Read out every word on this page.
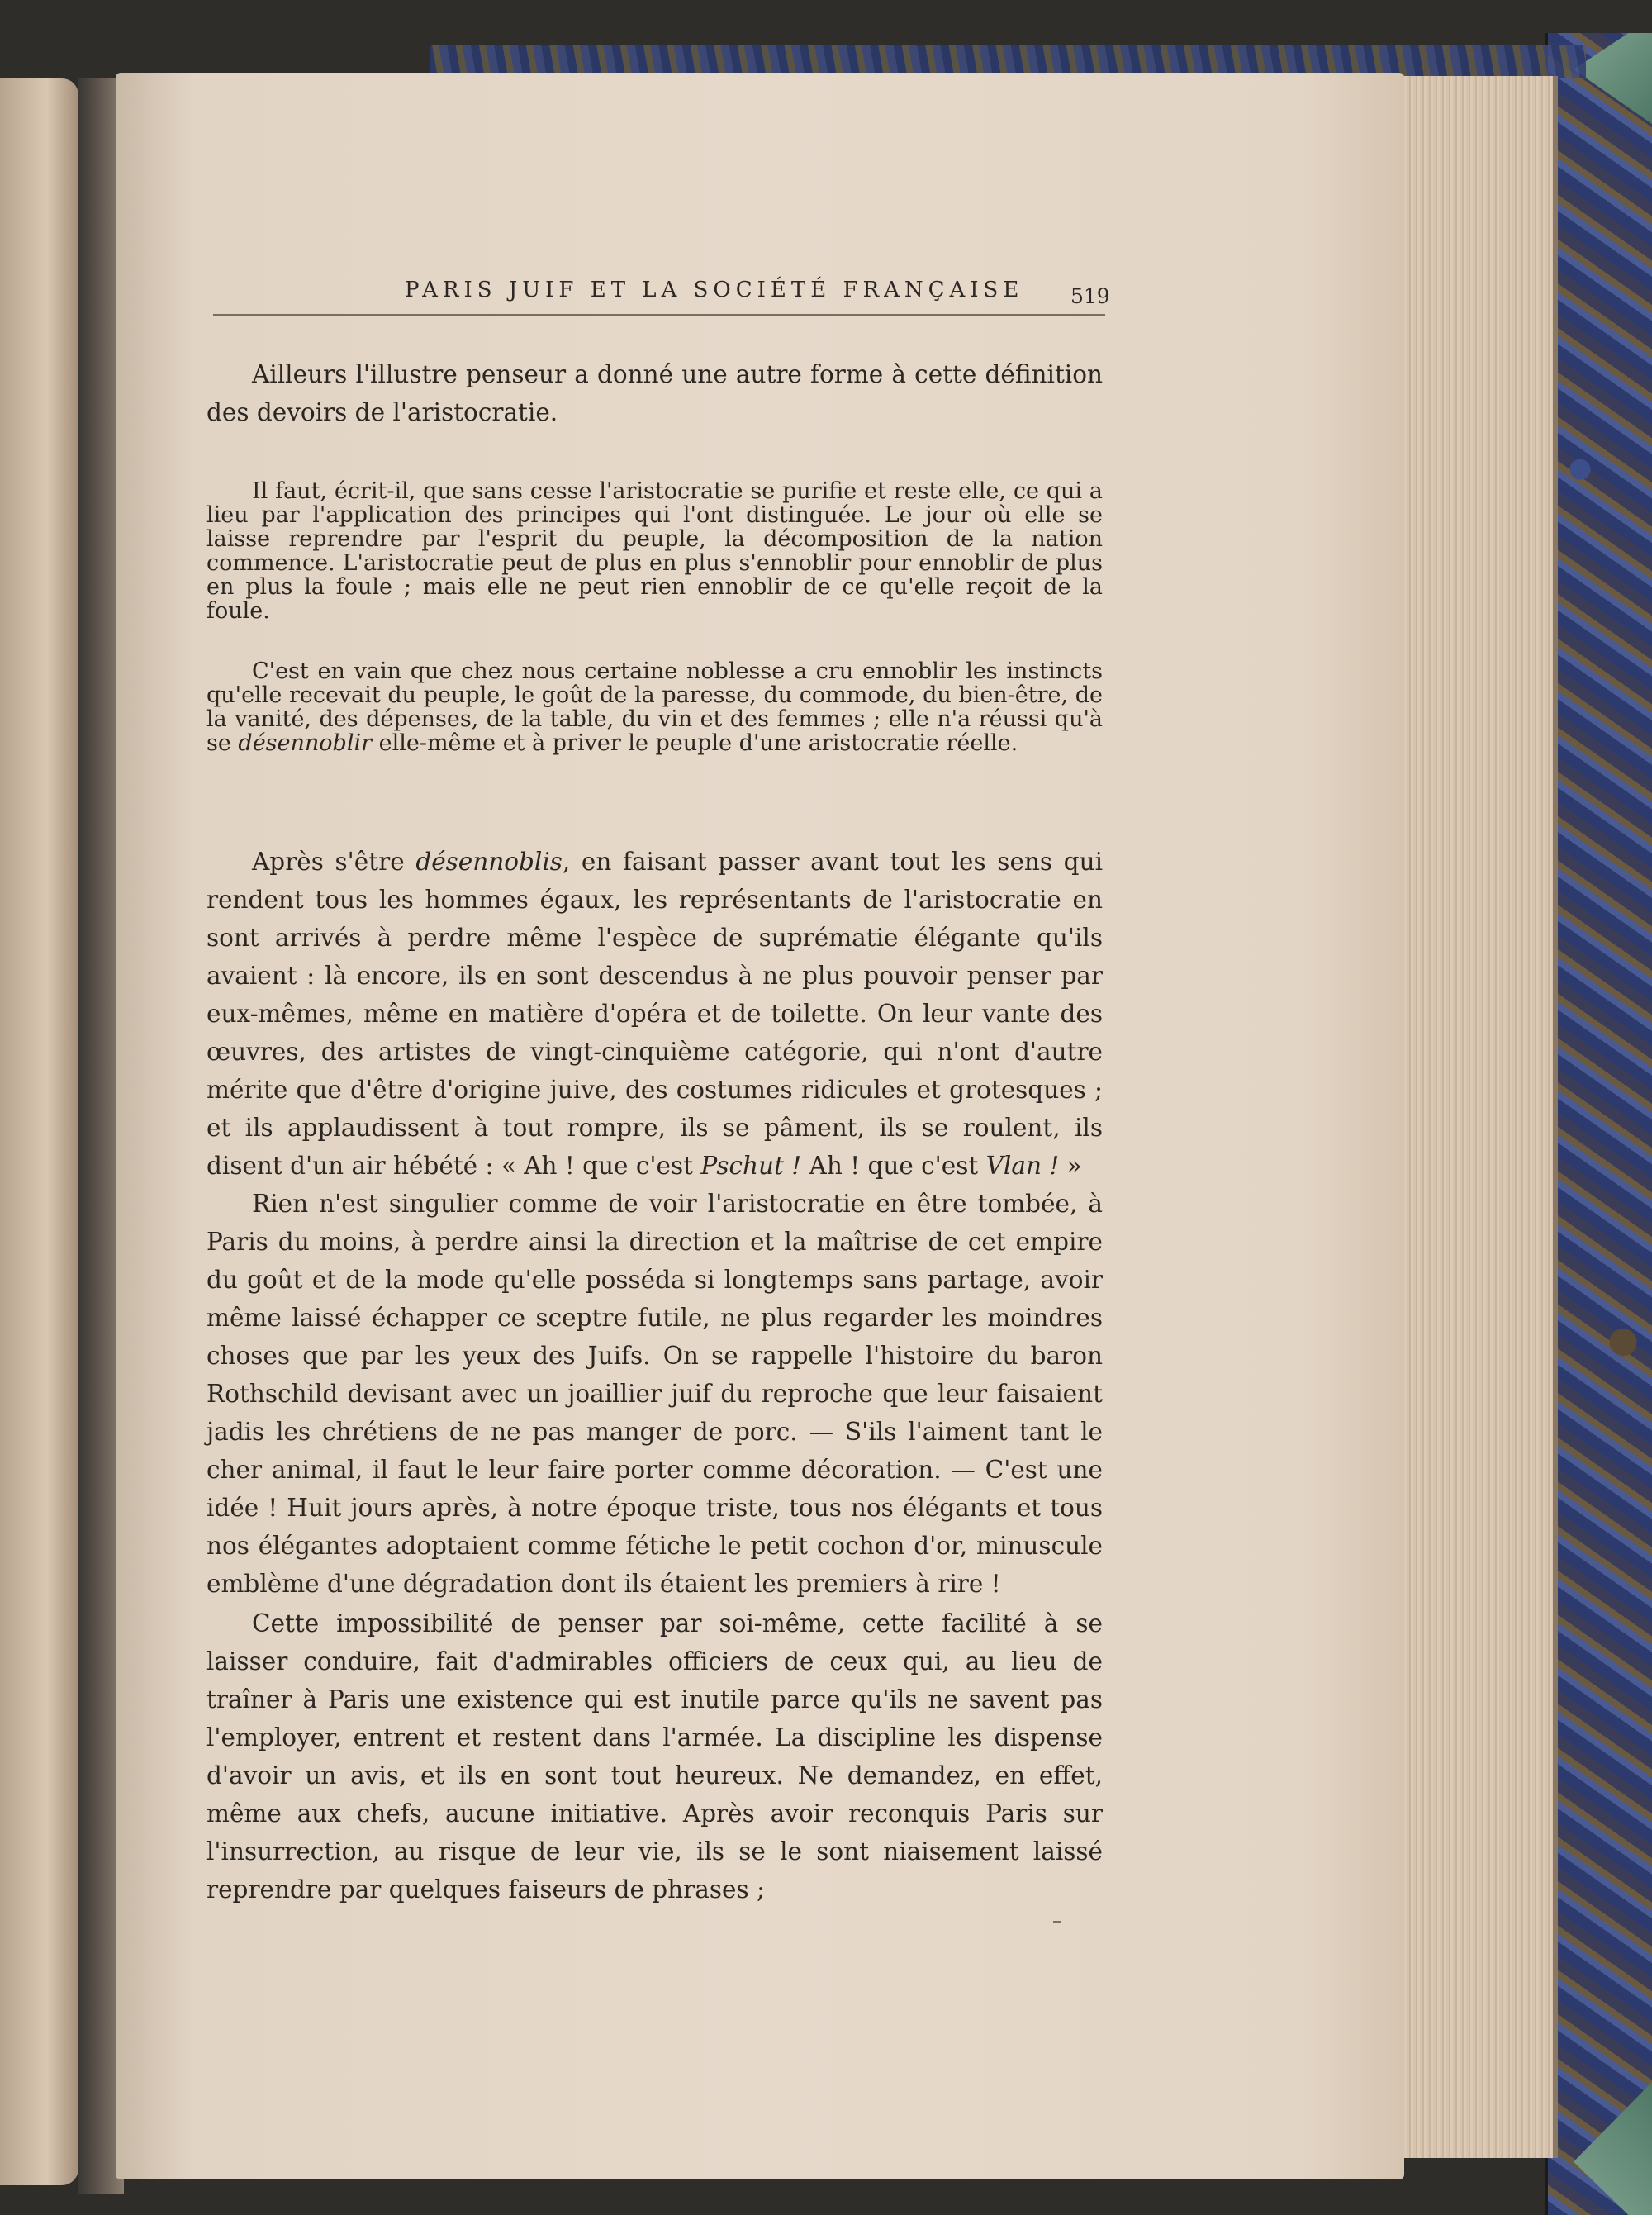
PARIS JUIF ET LA SOCIÉTÉ FRANÇAISE 519

Ailleurs l'illustre penseur a donné une autre forme à cette définition des devoirs de l'aristocratie.

Il faut, écrit-il, que sans cesse l'aristocratie se purifie et reste elle, ce qui a lieu par l'application des principes qui l'ont distinguée. Le jour où elle se laisse reprendre par l'esprit du peuple, la décomposition de la nation commence. L'aristocratie peut de plus en plus s'ennoblir pour ennoblir de plus en plus la foule ; mais elle ne peut rien ennoblir de ce qu'elle reçoit de la foule.

C'est en vain que chez nous certaine noblesse a cru ennoblir les instincts qu'elle recevait du peuple, le goût de la paresse, du commode, du bien-être, de la vanité, des dépenses, de la table, du vin et des femmes ; elle n'a réussi qu'à se désennoblir elle-même et à priver le peuple d'une aristocratie réelle.

Après s'être désennoblis, en faisant passer avant tout les sens qui rendent tous les hommes égaux, les représentants de l'aristocratie en sont arrivés à perdre même l'espèce de suprématie élégante qu'ils avaient : là encore, ils en sont descendus à ne plus pouvoir penser par eux-mêmes, même en matière d'opéra et de toilette. On leur vante des œuvres, des artistes de vingt-cinquième catégorie, qui n'ont d'autre mérite que d'être d'origine juive, des costumes ridicules et grotesques ; et ils applaudissent à tout rompre, ils se pâment, ils se roulent, ils disent d'un air hébété : « Ah ! que c'est Pschut ! Ah ! que c'est Vlan ! »

Rien n'est singulier comme de voir l'aristocratie en être tombée, à Paris du moins, à perdre ainsi la direction et la maîtrise de cet empire du goût et de la mode qu'elle posséda si longtemps sans partage, avoir même laissé échapper ce sceptre futile, ne plus regarder les moindres choses que par les yeux des Juifs. On se rappelle l'histoire du baron Rothschild devisant avec un joaillier juif du reproche que leur faisaient jadis les chrétiens de ne pas manger de porc. — S'ils l'aiment tant le cher animal, il faut le leur faire porter comme décoration. — C'est une idée ! Huit jours après, à notre époque triste, tous nos élégants et tous nos élégantes adoptaient comme fétiche le petit cochon d'or, minuscule emblème d'une dégradation dont ils étaient les premiers à rire !

Cette impossibilité de penser par soi-même, cette facilité à se laisser conduire, fait d'admirables officiers de ceux qui, au lieu de traîner à Paris une existence qui est inutile parce qu'ils ne savent pas l'employer, entrent et restent dans l'armée. La discipline les dispense d'avoir un avis, et ils en sont tout heureux. Ne demandez, en effet, même aux chefs, aucune initiative. Après avoir reconquis Paris sur l'insurrection, au risque de leur vie, ils se le sont niaisement laissé reprendre par quelques faiseurs de phrases ;
